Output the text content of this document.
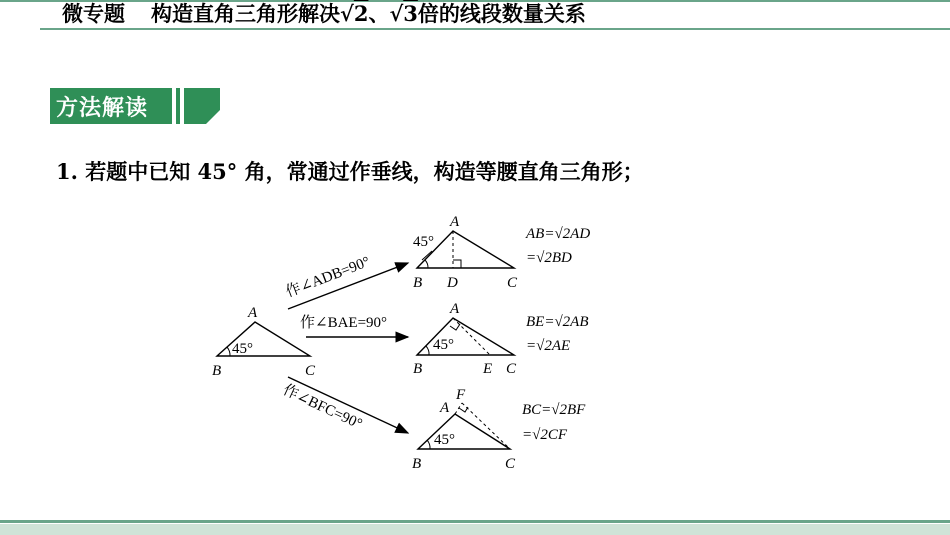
微专题 构造直角三角形解决√2、√3倍的线段数量关系
方法解读
1. 若题中已知 45° 角，常通过作垂线，构造等腰直角三角形；
45°
A
B	C
作∠ADB=90°
作∠BAE=90°
作∠BFC=90°
45°
A
B D	C
AB=√2AD
=√2BD
45°
A
B	E C
BE=√2AB
=√2AE
45°
A
F
B	C
BC=√2BF
=√2CF
